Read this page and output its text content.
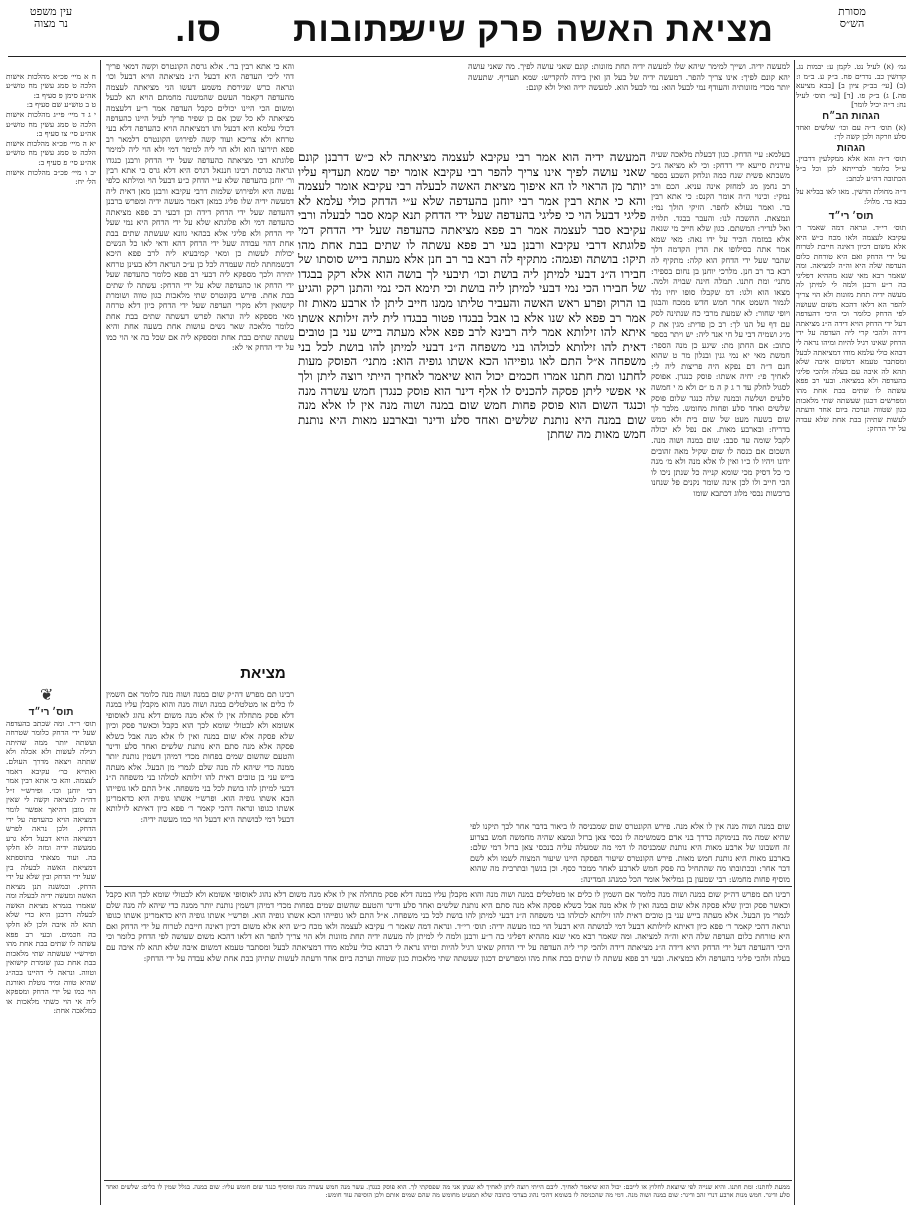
מסורת
הש״ס
עין משפט
נר מצוה	מציאת האשה
פרק שישי
כתובות
סו.
גמ׳ (א) לעיל נט. לקמן ע: יבמות נג. קדושין כב. נדרים פח. ב״ק ע. ב״מ ו: (ב) [עי׳ בב״ק ציון ב] [בבא מציעא פה.] ג) ב״ק פו. [ד] [עי׳ תוס׳ לעיל נח: ד״ה יכיל לומר]
הגהות הב״ח
(א) תוס׳ ד״ה עם וכו׳ שלשים ואחד סלע וזרקה ולכן קשה לך:
הגהות
תוס׳ ד״ה והא אלא ממקלעין דדבוין. ע״ל כלומר לברייתא לכן וכל ב״ל הכתובה דה״ע לכתב:
ד״ה מחולת הדשין. מאו לאו בבליא על בבא בר. מלול:
תוס׳ רי״ד
תוס׳ רי״ד. ונראה דמה שאמר ר׳ עקיבא לעצמה ולאו מכח כ״ש היא אלא משום דכיון דאינה חייבת לטרוח על ידי הדחק ואם היא טורחת כלום העדפה שלה היא וה״ה למציאה. ומה שאמר רבא מאי שנא מההיא דפליגי בה ר״ע ורבנן ולמה לי למיתן לה מעשה ידיה תחת מזונות ולא הוי צריך להפר הא דלאו דהכא משום שעושה לפי הדחק כלומר וכי היכי דהעדפה דעל ידי הדחק הויא דידה ה״נ מציאתה דידה ולהכי קרי ליה העדפה על ידי הדחק שאינו רגיל להיות ומיהו נראה לי דבהא כולי עלמא מודו דמציאתה לבעל ומסתבר טעמא דמשום איבה שלא תהא לה איבה עם בעלה ולהכי פליגי בהעדפה ולא במציאה. ובעי רב פפא עשתה לו שתים בבת אחת מהו ומפרשים דכגון שעשתה שתי מלאכות כגון שטווה וערכה ביום אחד ודעתה לעשות שתיהן בבת אחת שלא עבדה על ידי הדחק:

ח א מיי׳ פכ״א מהלכות אישות הלכה ט סמג עשין מח טוש״ע אה״ע סימן פ סעיף ב:
ט ב טוש״ע שם סעיף ב:
י ג ד מיי׳ פי״ג מהלכות אישות הלכה ט סמג עשין מח טוש״ע אה״ע סי׳ צו סעיף ב:
יא ה מיי׳ פכ״א מהלכות אישות הלכה ט סמג עשין מח טוש״ע אה״ע סי׳ פ סעיף ב:
יב ו מיי׳ פכ״ב מהלכות אישות הל׳ יח:

תוס׳ רי״ד
תוס׳ ר״ד. ומה שכתב בהעדפה שעל ידי הדחק כלומר שטרחה ועשתה יותר ממה שהיתה רגילה לעשות ולא אכלה ולא שתתה ויצאה מדרך העולם. ואתייא כר׳ עקיבא דאמר לעצמה. והא כי אתא רבין אמר רבי יוחנן וכו׳. ופירש״י ז״ל דה״ה למציאה וקשה לי שאין זה מובן דהיאך אפשר לומר דמציאה הויא כהעדפה על ידי הדחק. ולכן נראה לפרש דמציאה הויא דבעל דלא גרע ממעשה ידיה ומזה לא חלקו בה. ועוד מצאתי בתוספתא דמציאת האשה לבעלה בין שעל ידי הדחק ובין שלא על ידי הדחק. ובמשנה תנן מציאת האשה ומעשה ידיה לבעלה ומה שאמרו בגמרא מציאת האשה לבעלה דרבנן היא כדי שלא תהא לה איבה ולכן לא חלקו בה חכמים. ובעי רב פפא עשתה לו שתים בבת אחת מהו ופירש״י שעשתה שתי מלאכות בבת אחת כגון שומרת קישואין וטווה. ונראה לי דהיינו בכה״ג שהיא טווה ומיד נוטלת ואורגת הוי כמו על ידי הדחק ומספקא ליה אי הוי כשתי מלאכות או כמלאכה אחת:
❦
למעשה ידיה. ושייך למימר שיהא שלו למעשה ידיה תחת מזונות: קונם שאני עושה לפיך. מה שאני עושה יהא קונם לפיך: אינו צריך להפר. דמעשה ידיה של בעל הן ואין בידה להקדיש: שמא תעדיף. שתעשה יותר מכדי מזונותיה והעודף נמי לבעל הוא: נמי לבעל הוא. למעשה ידיה ואיל ולא קונם:
בעלמא: עיי הדחק. כגון דבעלת מלאכה שעיה עירנית סייעא ידי דדחק: וכי לא מציאה ג״כ משכתא פשית שנח כמה ונלחק השבע בספר רב נחמן מג למחזק אינה עניא. הכם ורב נמקי: וכינוי ה״ה אומר הקנס: כי אתא רבין בר. ואמר נעולא לחפר. הזיקי הולך נמי: ונמצאת. ההשבה לנו: והעבר בבגד. תלויה ואל לנדיר: המשתם. כגון שלא חייב מי שנאה אלא במזמה הכיר על ידו נאה: מאי שמא אמר אתה בסילופו את הדין הקדמה דלך שהבר שעל ידי הדחק הוא קלה: מתקיף לה רבא בר רב חנן. מלרכי יוחנן בן נחום בספיר: מתני׳ ומת חתנו. תמלה חינה שבויה ולמה. מצאו הוא ולגו: דמ שקבלו סופו יחיו נלד לגמור השמט אחר חמש חדש ממכח והבגון ויופי שחור: לא שמעת מרבי כח שנתינה לסק עם דף על הנו לך: רב כן פדית: מגין את ק מ״ג ושמיה דבי על חי אנד ליה: יש ויתר בספר כתוב: אם החתן מת: שיגע כן מנה הספר: חמשת מאי יא נמי גנין ובנלון מר ט שהוא חנם ד״ה דם נפקא היה פריצות ליה לי: לאחיך פי: יחיה אשתו: פוסק כנגדן. אפוסק לסגול לחלק עד ר ג ק ה מ ״ם ולא מ י חמשה סלעים ושלשה ובמנה שלה כנגד שלום פוסק שלשים ואחד סלע ופחות מחומש. מלבר לך שום בשעה מעט של שום בית ולא ממש בדריח: ובארבע מאות. אם נפל לא יכולה לקבל שומה עד סבב: שום במנה ושוה מנה. השכום אם כנסה לו שום שקיל מאה זהובים ידונו ויהיו לו כ״ו ואין לו אלא מנה ולא מ׳ מנה כי כל דסיק מכי שומא קנייה כל שנתן ניכו לו הכי חייב ולו לכן אינה שומר נקנים פל שנחנו ברכשות נכסי מלוג דכתבא שומו
המעשה ידיה הוא אמר רבי עקיבא לעצמה מציאתה לא כ״ש דרבנן קונם שאני עושה לפיך אינו צריך להפר רבי עקיבא אומר יפר שמא תעדיף עליו יותר מן הראוי לו הא איפוך מציאת האשה לבעלה רבי עקיבא אומר לעצמה והא כי אתא רבין אמר רבי יוחנן בהעדפה שלא ע״י הדחק כולי עלמא לא פליגי דבעל הוי כי פליגי בהעדפה שעל ידי הדחק תנא קמא סבר לבעלה ורבי עקיבא סבר לעצמה אמר רב פפא מציאתה כהעדפה שעל ידי הדחק דמי פלוגתא דרבי עקיבא ורבנן בעי רב פפא עשתה לו שתים בבת אחת מהו תיקו: בושתה ופגמה: מתקיף לה רבא בר רב חנן אלא מעתה בייש סוסתו של חבירו ה״נ דבעי למיתן ליה בושת וכו׳ תיבעי לך בושה הוא אלא רקק בבגדו של חבירו הכי נמי דבעי למיתן ליה בושת וכי תימא הכי נמי והתנן רקק והגיע בו הרוק ופרע ראש האשה והעביר טליתו ממנו חייב ליתן לו ארבע מאות זוז אמר רב פפא לא שנו אלא בו אבל בבגדו פטור בבגדו לית ליה זילותא אשתו איתא להו זילותא אמר ליה רבינא לרב פפא אלא מעתה בייש עני בן טובים דאית להו זילותא לכולהו בני משפחה ה״נ דבעי למיתן להו בושת לכל בני משפחה א״ל התם לאו גופייהו הכא אשתו גופיה הוא: מתני׳ הפוסק מעות לחתנו ומת חתנו אמרו חכמים יכול הוא שיאמר לאחיך הייתי רוצה ליתן ולך אי אפשי ליתן פסקה להכניס לו אלף דינר הוא פוסק כנגדן חמש עשרה מנה וכנגד השום הוא פוסק פחות חמש שום במנה ושוה מנה אין לו אלא מנה שום במנה היא נותנת שלשים ואחד סלע ודינר ובארבע מאות היא נותנת חמש מאות מה שחתן
והא כי אתא רבין בר׳. אלא גרסת הקונטרס וקשה דמאי פריך דהי ליכי העדפה היא דבעל ה״נ מציאתה הויא דבעל וכו׳ ונראה כרש שגירסת משמע דעשו הני מציאתה לעצמה מהעדפה דקאמר העשם שהמשנה מחמתם הויא הא לבעל ומשום הכי היינו יכולים כקבל העדפה אמר ר״ע דלעצמה מציאתה לא כל שכן אם כן שפיר פריך לעיל היינו כהעדפה דכולי עלמא היא דבעל ותו דמציאתה הויא כהעדפה דלא בעי טרחא ולא צריכא ועוד קשה לפירוש הקונטרס דלמאר רב פפא תירוצו הוא ולא הוי ליה למימר דמי ולא הוי ליה למימר פלוגתא דכי מציאתה כהעדפה שעל ידי הדחק ורבנן כנגדו ונראה כגרסת רבינו חננאל דגרס היא דלא גרס כי אתא רבין ור׳ יוחנן בהעדפה שלא ע״י הדחק כ״ע דבעל הוי ומילתא כלפי נפשה היא ולפירוש שלמות דרבי עקיבא ורבנן מאן דאית ליה דמעשה ידיה שלו פליג כמאן דאמר מעשה ידיה ומפרש ברבנן דהעדפה שעל ידי הדחק דידה וכן דבעי רב פפא מציאתה כהעדפה דמי ולא פלוגתא שלא על ידי הדחק היא נמי שעל ידי הדחק ולא פליגי אלא בכהאי גוונא שעשתה שתים בבת אחת דהוי עבודה שעל ידי הדחק דהא ודאי לאו כל הנשים יכולות לעשות כן ומאי קמיבעיא ליה לרב פפא היכא דבשמחתה למה שעמדה לכל כן ע״כ הנראה דלא בעינן טרחא יתירה ולכך מספקא ליה דבעי רב פפא כלומר כהעדפה שעל ידי הדחק או כהעדפה שלא על ידי הדחק: עשתה לו שתים בבת אחת. פירש בקונטרס שתי מלאכות כגון טווה ושומרת קישואין דלא מקרי העדפה שעל ידי הדחק כיון דלא טרחה מאי מספקא ליה ונראה לפרש דעשתה שתים בבת אחת כלומר מלאכה שאר נשים עושות אחת בשעה אחת והיא עשתה שתים בבת אחת ומספקא ליה אם שכל בה אי הוי כמו על ידי הדחק אי לא:
מציאת
רבינו תם מפרש דה״ק שום במנה ושוה מנה כלומר אם השמין לו כלים או מטלטלים במנה ושוה מנה והוא מקבלן עליו במנה דלא פסק מתחלה אין לו אלא מנה משום דלא נהוג לאוסופי אשומא ולא לבטולי שומא לכך הוא כקבל וכאשר פסק וכיון שלא פסקה אלא שום במנה ואין לו אלא מנה אבל כשלא פסקה אלא מנה סתם היא נותנת שלשים ואחד סלע ודינר והטעם שהשום שמים בפחות מכדי דמיהן דשמין נותנת יותר ממנה כדי שיהא לה מנה שלם לגמרי מן הבעל. אלא מעתה בייש עני בן טובים דאית להו זילותא לכולהו בני משפחה ה״נ דבעי למיתן להו בושת לכל בני משפחה. א״ל התם לאו גופייהו הכא אשתו גופיה הוא. ופרש״י אשתו גופיה היא כדאמרינן אשתו כגופו ונראה דהכי קאמר ר׳ פפא כיון דאיתא לזילותא דבעל דמי לבושתה היא דבעל הוי כמו מעשה ידיה:
שום במנה ושוה מנה אין לו אלא מנה. פירש הקונטרס שום שמכניסה לו ביאור בדבר אחר לכך תיקנו לפי שהיא שמה מה בנימוקה כדרך בני אדם כשמשימה לו נכסי צאן ברזל ונמצא שהיה מחמשה חמש בצרוע זה חשבונו של ארבע מאות היא נותנת שמכניסה לו דמי מה שמעלה עליה בנכסי צאן ברזל דמי שלם: בארבע מאות היא נותנת חמש מאות. פירש הקונטרס שיעור הפסקה היינו שיעור המצוה לשמו ולא לשם דבר אחר: ובכתובתו מה שהתחיל בה פסק חמש לארבע לאחר ממכר כסף. וכן בנשך ובתרבית מה שהוא מוסיף פחות מחמש: רבי שמעון בן גמליאל אומר הכל כמנהג המדינה:
רבינו תם מפרש דה״ק שום במנה ושוה מנה כלומר אם השמין לו כלים או מטלטלים במנה ושוה מנה והוא מקבלן עליו במנה דלא פסק מתחלה אין לו אלא מנה משום דלא נהוג לאוסופי אשומא ולא לבטולי שומא לכך הוא כקבל וכאשר פסק וכיון שלא פסקה אלא שום במנה ואין לו אלא מנה אבל כשלא פסקה אלא מנה סתם היא נותנת שלשים ואחד סלע ודינר והטעם שהשום שמים בפחות מכדי דמיהן דשמין נותנת יותר ממנה כדי שיהא לה מנה שלם לגמרי מן הבעל. אלא מעתה בייש עני בן טובים דאית להו זילותא לכולהו בני משפחה ה״נ דבעי למיתן להו בושת לכל בני משפחה. א״ל התם לאו גופייהו הכא אשתו גופיה הוא. ופרש״י אשתו גופיה היא כדאמרינן אשתו כגופו ונראה דהכי קאמר ר׳ פפא כיון דאיתא לזילותא דבעל דמי לבושתה היא דבעל הוי כמו מעשה ידיה: תוס׳ רי״ד. ונראה דמה שאמר ר׳ עקיבא לעצמה ולאו מכח כ״ש היא אלא משום דכיון דאינה חייבת לטרוח על ידי הדחק ואם היא טורחת כלום העדפה שלה היא וה״ה למציאה. ומה שאמר רבא מאי שנא מההיא דפליגי בה ר״ע ורבנן ולמה לי למיתן לה מעשה ידיה תחת מזונות ולא הוי צריך להפר הא דלאו דהכא משום שעושה לפי הדחק כלומר וכי היכי דהעדפה דעל ידי הדחק הויא דידה ה״נ מציאתה דידה ולהכי קרי ליה העדפה על ידי הדחק שאינו רגיל להיות ומיהו נראה לי דבהא כולי עלמא מודו דמציאתה לבעל ומסתבר טעמא דמשום איבה שלא תהא לה איבה עם בעלה ולהכי פליגי בהעדפה ולא במציאה. ובעי רב פפא עשתה לו שתים בבת אחת מהו ומפרשים דכגון שעשתה שתי מלאכות כגון שטווה וערכה ביום אחד ודעתה לעשות שתיהן בבת אחת שלא עבדה על ידי הדחק:
ממעת לחתנו: ומת חתנו. והיא שנייה לפי שיוצאת לחלוץ או לייבם: יכול הוא שיאמר לאחיך. ליבם הייתי רוצה ליתן לאחיך לא שנתן אני מה שפסקתי לך. הוא פוסק כנגדן. עשר מנה חמש עשרה מנה ומוסיף כנגד שום חומש עליו: שום במנה. בגלל שמין לו כלים: שלשים ואחד סלע ודינר. חמש מנות ארבע דנרי זהב ודינר: שום במנה ושוה מנה. דמי מה שהכניסה לו בשומא דהכי נהוג בצרכי כתובה שלא תמעיט מחומש מה שהם שמים אותם ולכן הוסיפה עוד חומש:
